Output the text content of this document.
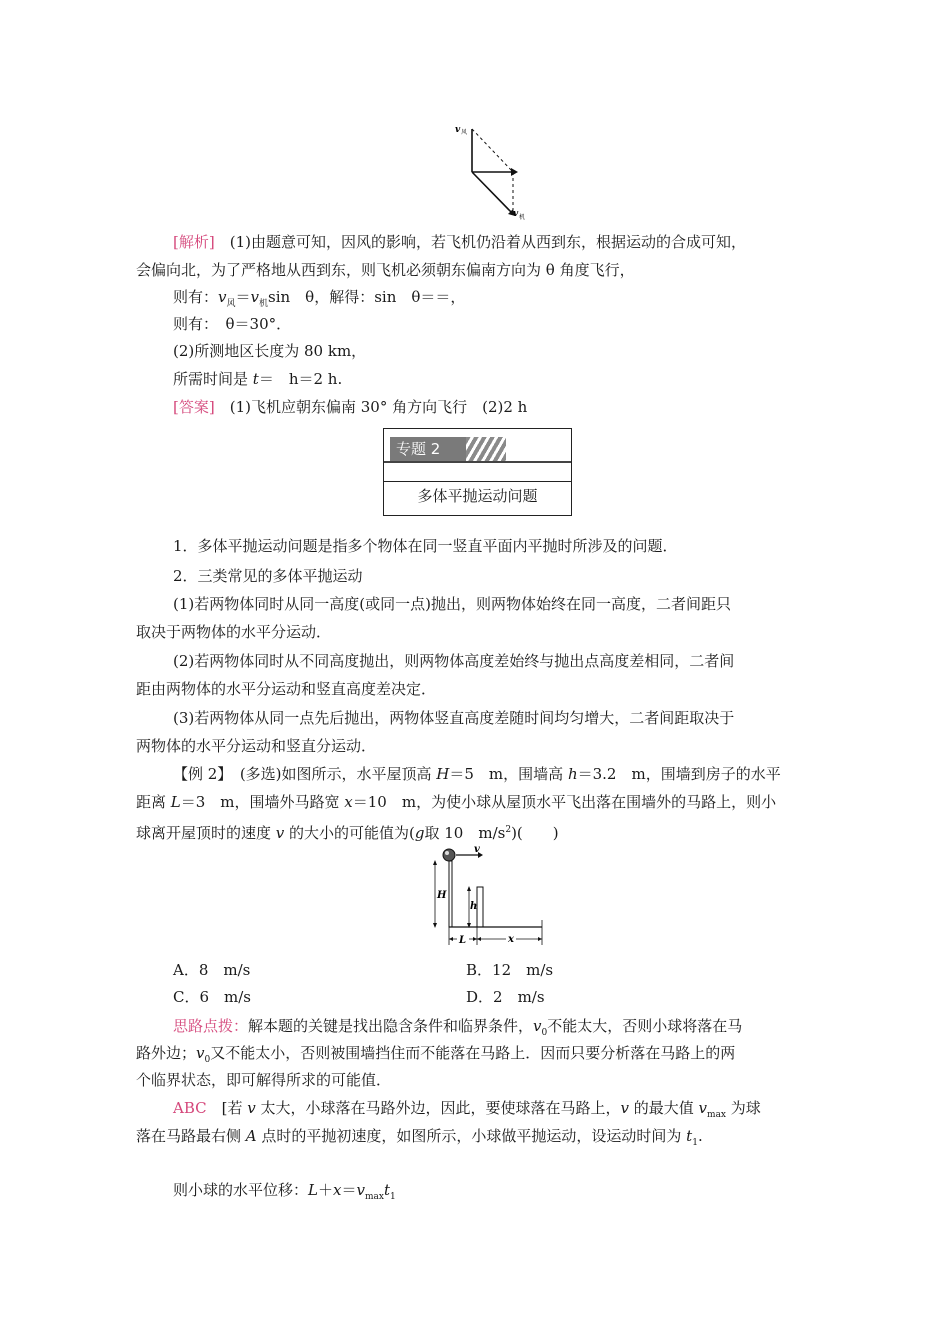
v 风
v 机
[解析]　(1)由题意可知，因风的影响，若飞机仍沿着从西到东，根据运动的合成可知，
会偏向北，为了严格地从西到东，则飞机必须朝东偏南方向为 θ 角度飞行，
则有：$v_风=v_机\sin$　θ，解得：sin　θ＝＝，
则有：　θ＝30°．
(2)所测地区长度为 80 km，
所需时间是 t＝　h＝2 h.
[答案]　(1)飞机应朝东偏南 30° 角方向飞行　(2)2 h
专题 2
多体平抛运动问题
1．多体平抛运动问题是指多个物体在同一竖直平面内平抛时所涉及的问题．
2．三类常见的多体平抛运动
(1)若两物体同时从同一高度(或同一点)抛出，则两物体始终在同一高度，二者间距只
取决于两物体的水平分运动．
(2)若两物体同时从不同高度抛出，则两物体高度差始终与抛出点高度差相同，二者间
距由两物体的水平分运动和竖直高度差决定．
(3)若两物体从同一点先后抛出，两物体竖直高度差随时间均匀增大，二者间距取决于
两物体的水平分运动和竖直分运动．
【例 2】　(多选)如图所示，水平屋顶高 H＝5　m，围墙高 h＝3.2　m，围墙到房子的水平
距离 L＝3　m，围墙外马路宽 x＝10　m，为使小球从屋顶水平飞出落在围墙外的马路上，则小
球离开屋顶时的速度 v 的大小的可能值为(g取 10　$m/s^2$)(　　)
v
H
h
L	x
A．8　m/s	B．12　m/s
C．6　m/s	D．2　m/s
思路点拨：解本题的关键是找出隐含条件和临界条件，$v_0$不能太大，否则小球将落在马
路外边；$v_0$又不能太小，否则被围墙挡住而不能落在马路上．因而只要分析落在马路上的两
个临界状态，即可解得所求的可能值．
ABC　[若 v 太大，小球落在马路外边，因此，要使球落在马路上，v 的最大值 $v_{max}$ 为球
落在马路最右侧 A 点时的平抛初速度，如图所示，小球做平抛运动，设运动时间为 $t_1$.
则小球的水平位移：$L+x=v_{max}t_1$
